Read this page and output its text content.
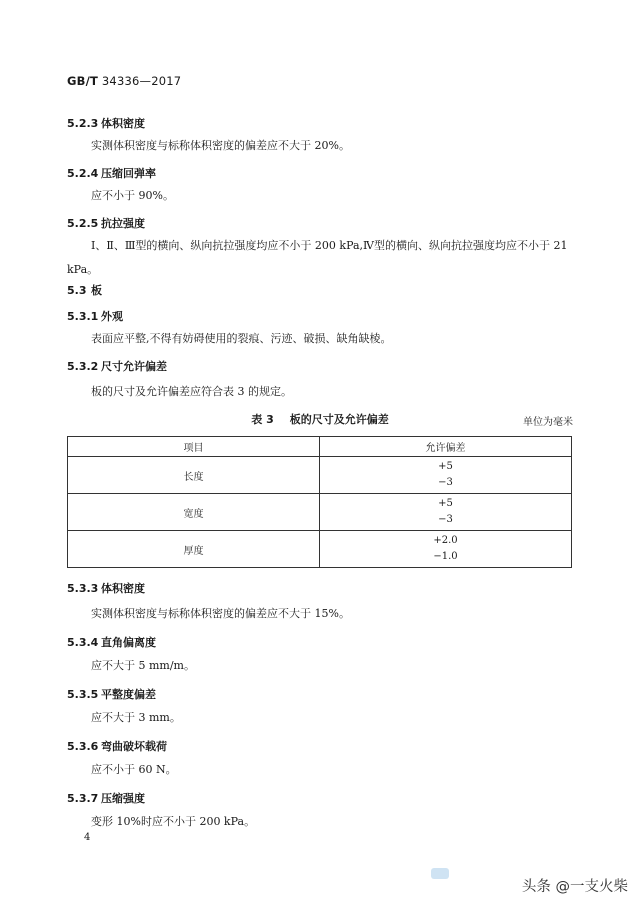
GB/T 34336—2017
5.2.3 体积密度
实测体积密度与标称体积密度的偏差应不大于 20%。
5.2.4 压缩回弹率
应不小于 90%。
5.2.5 抗拉强度
Ⅰ、Ⅱ、Ⅲ型的横向、纵向抗拉强度均应不小于 200 kPa,Ⅳ型的横向、纵向抗拉强度均应不小于 21 kPa。
5.3 板
5.3.1 外观
表面应平整,不得有妨碍使用的裂痕、污迹、破损、缺角缺棱。
5.3.2 尺寸允许偏差
板的尺寸及允许偏差应符合表 3 的规定。
表 3 板的尺寸及允许偏差	单位为毫米
项目	允许偏差
长度	+5
−3

宽度	+5
−3

厚度	+2.0
−1.0
5.3.3 体积密度
实测体积密度与标称体积密度的偏差应不大于 15%。
5.3.4 直角偏离度
应不大于 5 mm/m。
5.3.5 平整度偏差
应不大于 3 mm。
5.3.6 弯曲破坏载荷
应不小于 60 N。
5.3.7 压缩强度
变形 10%时应不小于 200 kPa。
4
头条 @一支火柴
